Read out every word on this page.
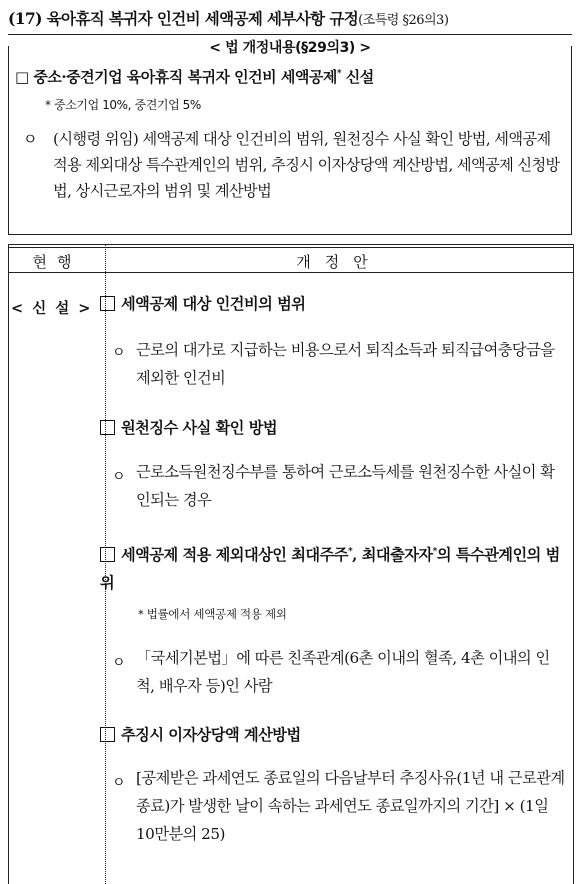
(17) 육아휴직 복귀자 인건비 세액공제 세부사항 규정(조특령 §26의3)
< 법 개정내용(§29의3) >
□ 중소·중견기업 육아휴직 복귀자 인건비 세액공제* 신설
* 중소기업 10%, 중견기업 5%
ㅇ (시행령 위임) 세액공제 대상 인건비의 범위, 원천징수 사실 확인 방법, 세액공제 적용 제외대상 특수관계인의 범위, 추징시 이자상당액 계산방법, 세액공제 신청방법, 상시근로자의 범위 및 계산방법
현행	개정안
< 신 설 >	세액공제 대상 인건비의 범위
ㅇ 근로의 대가로 지급하는 비용으로서 퇴직소득과 퇴직급여충당금을 제외한 인건비
원천징수 사실 확인 방법
ㅇ 근로소득원천징수부를 통하여 근로소득세를 원천징수한 사실이 확인되는 경우
세액공제 적용 제외대상인 최대주주*, 최대출자자*의 특수관계인의 범위
* 법률에서 세액공제 적용 제외
ㅇ 「국세기본법」에 따른 친족관계(6촌 이내의 혈족, 4촌 이내의 인척, 배우자 등)인 사람
추징시 이자상당액 계산방법
ㅇ [공제받은 과세연도 종료일의 다음날부터 추징사유(1년 내 근로관계 종료)가 발생한 날이 속하는 과세연도 종료일까지의 기간] × (1일 10만분의 25)
